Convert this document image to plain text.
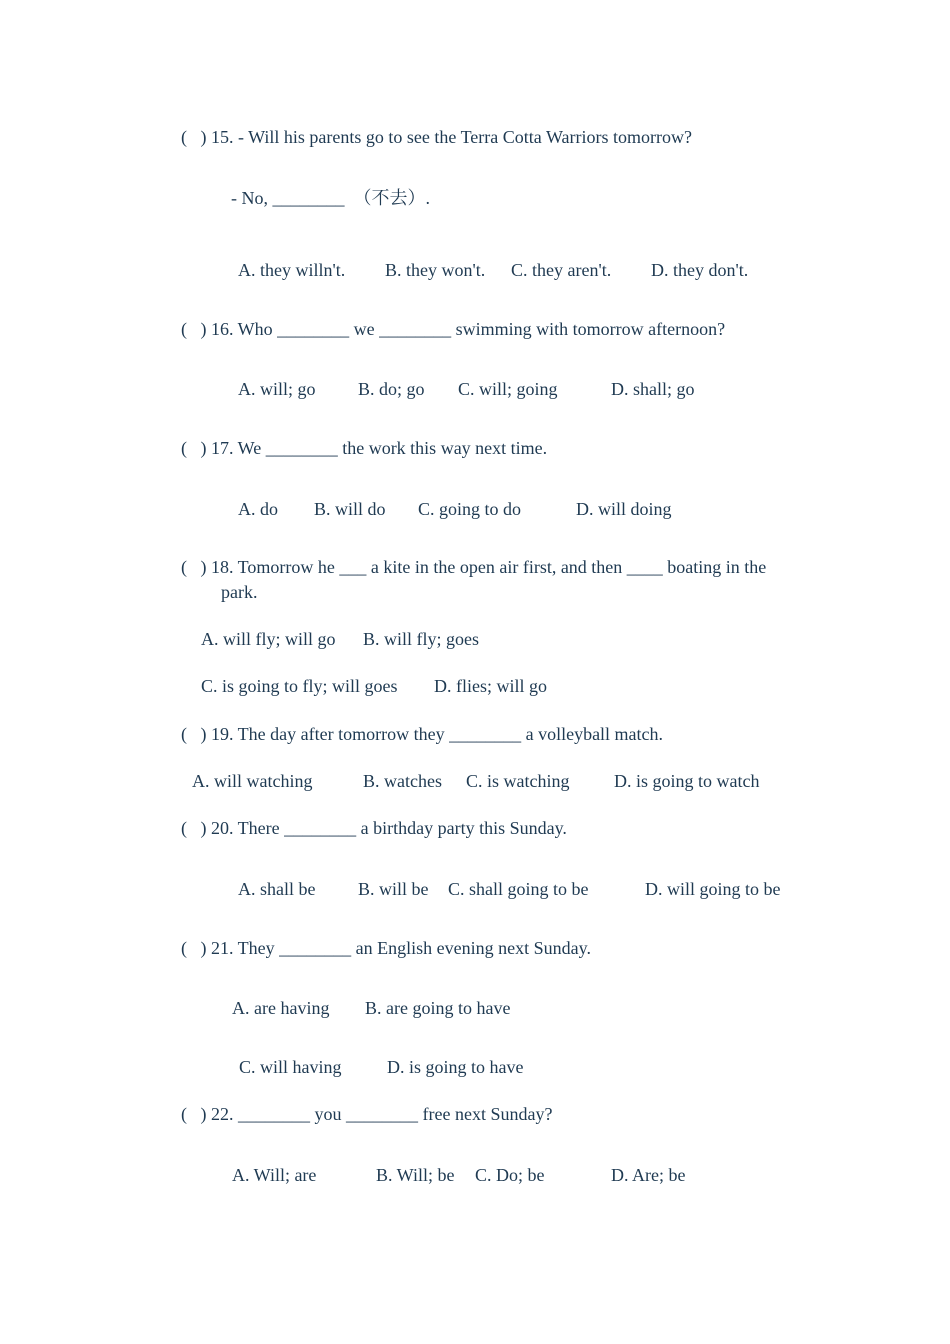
(   ) 15. - Will his parents go to see the Terra Cotta Warriors tomorrow?
- No, ________  （不去）.
A. they willn't. B. they won't. C. they aren't. D. they don't.
(   ) 16. Who ________ we ________ swimming with tomorrow afternoon?
A. will; go B. do; go C. will; going	D. shall; go
(   ) 17. We ________ the work this way next time.
A. do B. will do C. going to do	D. will doing
(   ) 18. Tomorrow he ___ a kite in the open air first, and then ____ boating in the
park.
A. will fly; will go B. will fly; goes
C. is going to fly; will goes D. flies; will go
(   ) 19. The day after tomorrow they ________ a volleyball match.
A. will watching	B. watches C. is watching D. is going to watch
(   ) 20. There ________ a birthday party this Sunday.
A. shall be B. will be C. shall going to be	D. will going to be
(   ) 21. They ________ an English evening next Sunday.
A. are having B. are going to have
C. will having	D. is going to have
(   ) 22. ________ you ________ free next Sunday?
A. Will; are	B. Will; be C. Do; be	D. Are; be
